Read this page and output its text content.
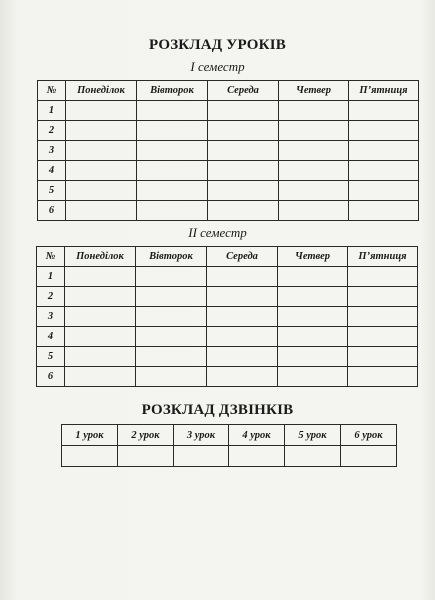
РОЗКЛАД УРОКІВ
I семестр
№	Понеділок	Вівторок	Середа	Четвер	П’ятниця
1					
2					
3					
4					
5					
6					
II семестр
№	Понеділок	Вівторок	Середа	Четвер	П’ятниця
1					
2					
3					
4					
5					
6					
РОЗКЛАД ДЗВІНКІВ
1 урок	2 урок	3 урок	4 урок	5 урок	6 урок
